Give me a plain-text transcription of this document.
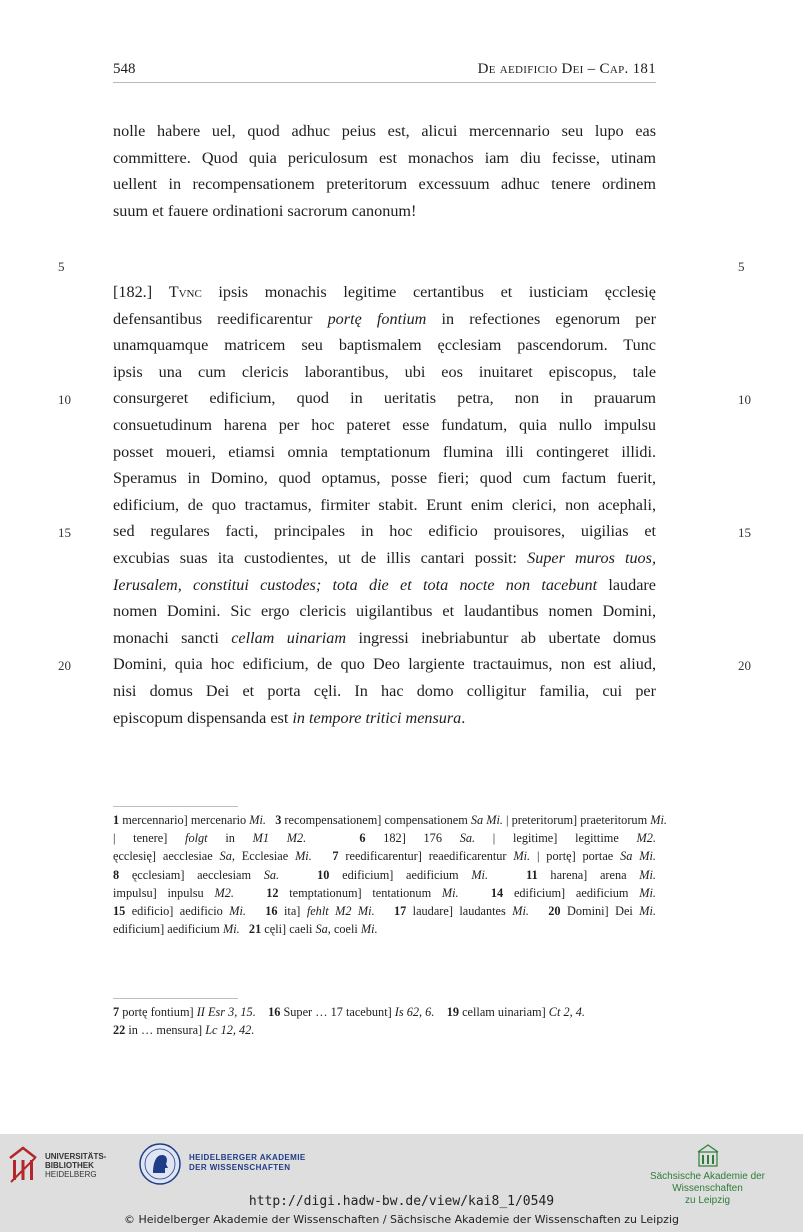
548	De aedificio Dei – Cap. 181
nolle habere uel, quod adhuc peius est, alicui mercennario seu lupo eas
committere. Quod quia periculosum est monachos iam diu fecisse, utinam
uellent in recompensationem preteritorum excessuum adhuc tenere ordinem
suum et fauere ordinationi sacrorum canonum!
[182.] Tvnc ipsis monachis legitime certantibus et iusticiam ęcclesię
defensantibus reedificarentur portę fontium in refectiones egenorum per
unamquamque matricem seu baptismalem ęcclesiam pascendorum. Tunc
ipsis una cum clericis laborantibus, ubi eos inuitaret episcopus, tale
consurgeret edificium, quod in ueritatis petra, non in prauarum
consuetudinum harena per hoc pateret esse fundatum, quia nullo impulsu
posset moueri, etiamsi omnia temptationum flumina illi contingeret illidi.
Speramus in Domino, quod optamus, posse fieri; quod cum factum fuerit,
edificium, de quo tractamus, firmiter stabit. Erunt enim clerici, non acephali,
sed regulares facti, principales in hoc edificio prouisores, uigilias et
excubias suas ita custodientes, ut de illis cantari possit: Super muros tuos,
Ierusalem, constitui custodes; tota die et tota nocte non tacebunt laudare
nomen Domini. Sic ergo clericis uigilantibus et laudantibus nomen Domini,
monachi sancti cellam uinariam ingressi inebriabuntur ab ubertate domus
Domini, quia hoc edificium, de quo Deo largiente tractauimus, non est aliud,
nisi domus Dei et porta cęli. In hac domo colligitur familia, cui per
episcopum dispensanda est in tempore tritici mensura.
5	5
10	10
15	15
20	20
1 mercennario] mercenario Mi. 3 recompensationem] compensationem Sa Mi. | preteritorum] praeteritorum Mi.
| tenere] folgt in M1 M2.	6 182] 176 Sa. | legitime] legittime M2.
ęcclesię] aecclesiae Sa, Ecclesiae Mi. 7 reedificarentur] reaedificarentur Mi. | portę] portae Sa Mi.
8 ęcclesiam] aecclesiam Sa.	10 edificium] aedificium Mi.	11 harena] arena Mi.
impulsu] inpulsu M2.	12 temptationum] tentationum Mi.	14 edificium] aedificium Mi.
15 edificio] aedificio Mi. 16 ita] fehlt M2 Mi. 17 laudare] laudantes Mi. 20 Domini] Dei Mi.
edificium] aedificium Mi. 21 cęli] caeli Sa, coeli Mi.
7 portę fontium] II Esr 3, 15. 16 Super … 17 tacebunt] Is 62, 6. 19 cellam uinariam] Ct 2, 4.
22 in … mensura] Lc 12, 42.
UNIVERSITÄTS-
BIBLIOTHEK
HEIDELBERG
HEIDELBERGER AKADEMIE
DER WISSENSCHAFTEN
Sächsische Akademie der Wissenschaften
zu Leipzig
http://digi.hadw-bw.de/view/kai8_1/0549
© Heidelberger Akademie der Wissenschaften / Sächsische Akademie der Wissenschaften zu Leipzig
